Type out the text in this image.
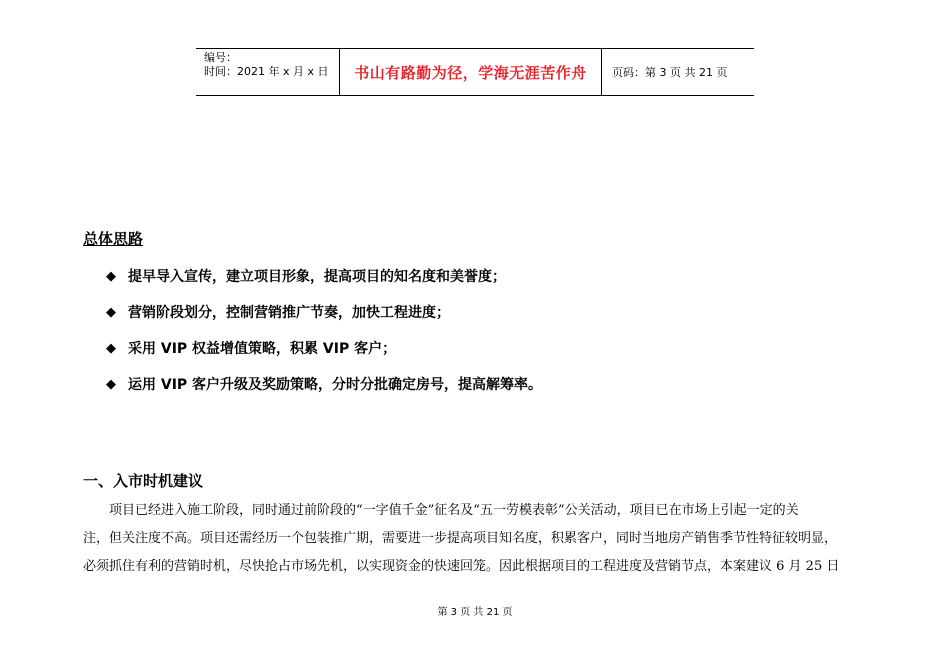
编号：
时间：2021 年 x 月 x 日	书山有路勤为径，学海无涯苦作舟	页码：第 3 页 共 21 页
总体思路
◆ 提早导入宣传，建立项目形象，提高项目的知名度和美誉度；
◆ 营销阶段划分，控制营销推广节奏，加快工程进度；
◆ 采用 VIP 权益增值策略，积累 VIP 客户；
◆ 运用 VIP 客户升级及奖励策略，分时分批确定房号，提高解筹率。
一、入市时机建议

项目已经进入施工阶段，同时通过前阶段的“一字值千金”征名及“五一劳模表彰”公关活动，项目已在市场上引起一定的关
注，但关注度不高。项目还需经历一个包装推广期，需要进一步提高项目知名度，积累客户，同时当地房产销售季节性特征较明显，
必须抓住有利的营销时机，尽快抢占市场先机，以实现资金的快速回笼。因此根据项目的工程进度及营销节点，本案建议 6 月 25 日

第 3 页 共 21 页
